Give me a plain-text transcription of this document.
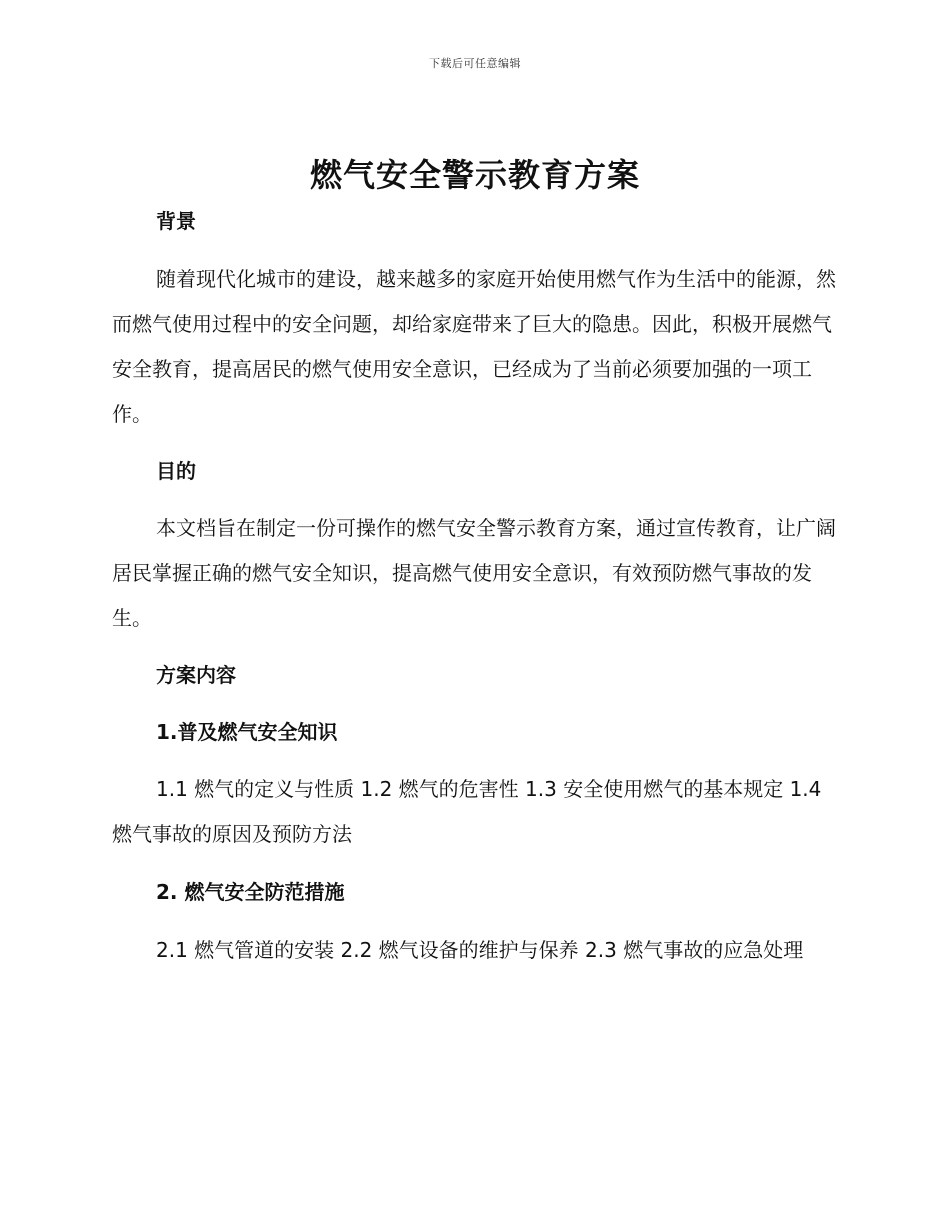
下载后可任意编辑
燃气安全警示教育方案
背景
随着现代化城市的建设，越来越多的家庭开始使用燃气作为生活中的能源，然而燃气使用过程中的安全问题，却给家庭带来了巨大的隐患。因此，积极开展燃气安全教育，提高居民的燃气使用安全意识，已经成为了当前必须要加强的一项工作。
目的
本文档旨在制定一份可操作的燃气安全警示教育方案，通过宣传教育，让广阔居民掌握正确的燃气安全知识，提高燃气使用安全意识，有效预防燃气事故的发生。
方案内容
1.普及燃气安全知识
1.1 燃气的定义与性质 1.2 燃气的危害性 1.3 安全使用燃气的基本规定 1.4 燃气事故的原因及预防方法
2. 燃气安全防范措施
2.1 燃气管道的安装 2.2 燃气设备的维护与保养 2.3 燃气事故的应急处理
